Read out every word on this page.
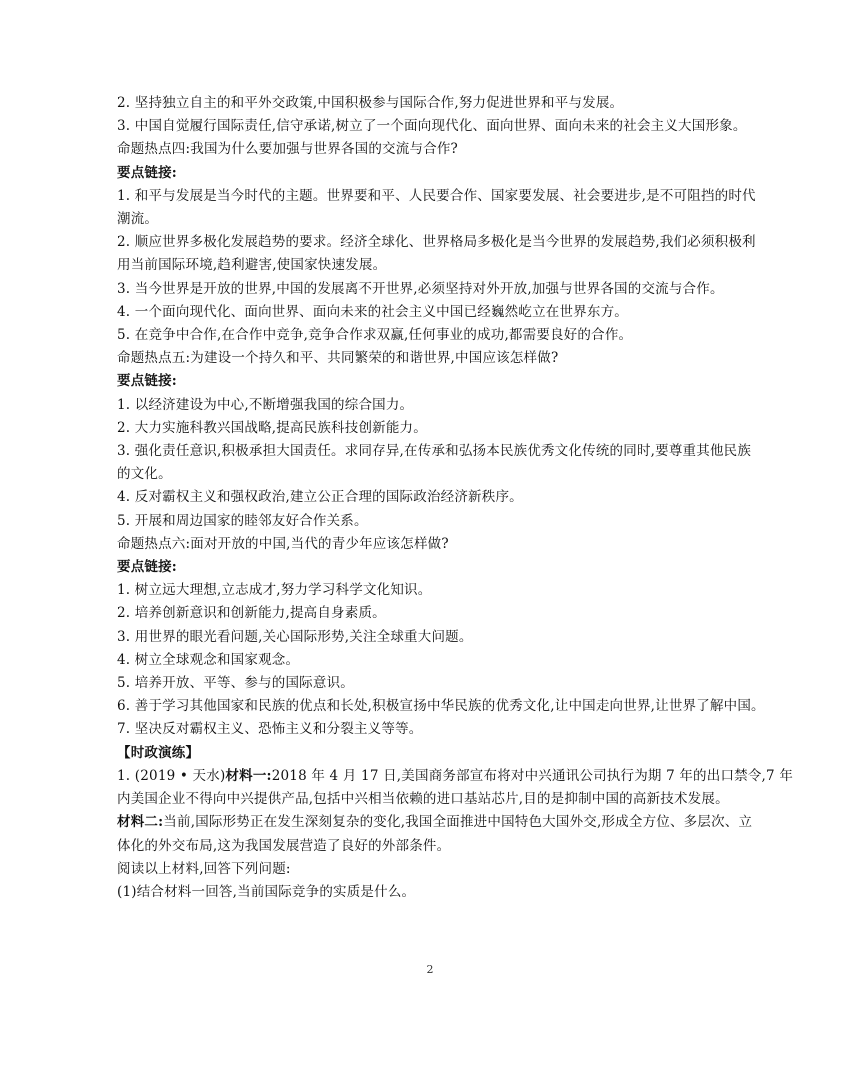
2. 坚持独立自主的和平外交政策,中国积极参与国际合作,努力促进世界和平与发展。
3. 中国自觉履行国际责任,信守承诺,树立了一个面向现代化、面向世界、面向未来的社会主义大国形象。
命题热点四:我国为什么要加强与世界各国的交流与合作?
要点链接:
1. 和平与发展是当今时代的主题。世界要和平、人民要合作、国家要发展、社会要进步,是不可阻挡的时代
潮流。
2. 顺应世界多极化发展趋势的要求。经济全球化、世界格局多极化是当今世界的发展趋势,我们必须积极利
用当前国际环境,趋利避害,使国家快速发展。
3. 当今世界是开放的世界,中国的发展离不开世界,必须坚持对外开放,加强与世界各国的交流与合作。
4. 一个面向现代化、面向世界、面向未来的社会主义中国已经巍然屹立在世界东方。
5. 在竞争中合作,在合作中竞争,竞争合作求双赢,任何事业的成功,都需要良好的合作。
命题热点五:为建设一个持久和平、共同繁荣的和谐世界,中国应该怎样做?
要点链接:
1. 以经济建设为中心,不断增强我国的综合国力。
2. 大力实施科教兴国战略,提高民族科技创新能力。
3. 强化责任意识,积极承担大国责任。求同存异,在传承和弘扬本民族优秀文化传统的同时,要尊重其他民族
的文化。
4. 反对霸权主义和强权政治,建立公正合理的国际政治经济新秩序。
5. 开展和周边国家的睦邻友好合作关系。
命题热点六:面对开放的中国,当代的青少年应该怎样做?
要点链接:
1. 树立远大理想,立志成才,努力学习科学文化知识。
2. 培养创新意识和创新能力,提高自身素质。
3. 用世界的眼光看问题,关心国际形势,关注全球重大问题。
4. 树立全球观念和国家观念。
5. 培养开放、平等、参与的国际意识。
6. 善于学习其他国家和民族的优点和长处,积极宣扬中华民族的优秀文化,让中国走向世界,让世界了解中国。
7. 坚决反对霸权主义、恐怖主义和分裂主义等等。
【时政演练】
1. (2019 • 天水)材料一:2018 年 4 月 17 日,美国商务部宣布将对中兴通讯公司执行为期 7 年的出口禁令,7 年
内美国企业不得向中兴提供产品,包括中兴相当依赖的进口基站芯片,目的是抑制中国的高新技术发展。
材料二:当前,国际形势正在发生深刻复杂的变化,我国全面推进中国特色大国外交,形成全方位、多层次、立
体化的外交布局,这为我国发展营造了良好的外部条件。
阅读以上材料,回答下列问题:
(1)结合材料一回答,当前国际竞争的实质是什么。
2
